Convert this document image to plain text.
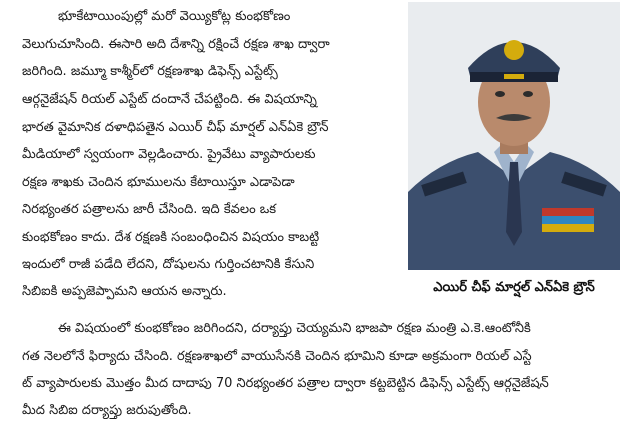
భూకేటాయింపుల్లో మరో వెయ్యికోట్ల కుంభకోణం
వెలుగుచూసింది. ఈసారి అది దేశాన్ని రక్షించే రక్షణ శాఖ ద్వారా
జరిగింది. జమ్మూ కాశ్మీర్‌లో రక్షణశాఖ డిఫెన్స్ ఎస్టేట్స్
ఆర్గనైజేషన్ రియల్ ఎస్టేట్ దందానే చేపట్టింది. ఈ విషయాన్ని
భారత వైమానిక దళాధిపతైన ఎయిర్ చీఫ్ మార్షల్ ఎన్ఏకె బ్రౌన్
మీడియాలో స్వయంగా వెల్లడించారు. ప్రైవేటు వ్యాపారులకు
రక్షణ శాఖకు చెందిన భూములను కేటాయిస్తూ ఎడాపెడా
నిరభ్యంతర పత్రాలను జారీ చేసింది. ఇది కేవలం ఒక
కుంభకోణం కాదు. దేశ రక్షణకి సంబంధించిన విషయం కాబట్టి
ఇందులో రాజీ పడేది లేదని, దోషులను గుర్తించటానికి కేసుని
సిబిఐకి అప్పజెప్పామని ఆయన అన్నారు.	ఎయిర్ చీఫ్ మార్షల్ ఎన్ఏకె బ్రౌన్
ఈ విషయంలో కుంభకోణం జరిగిందని, దర్యాప్తు చెయ్యమని భాజపా రక్షణ మంత్రి ఎ.కె.ఆంటోనీకి
గత నెలలోనే ఫిర్యాదు చేసింది. రక్షణశాఖలో వాయుసేనకి చెందిన భూమిని కూడా అక్రమంగా రియల్ ఎస్టే
ట్ వ్యాపారులకు మొత్తం మీద దాదాపు 70 నిరభ్యంతర పత్రాల ద్వారా కట్టబెట్టిన డిఫెన్స్ ఎస్టేట్స్ ఆర్గనైజేషన్
మీద సిబిఐ దర్యాప్తు జరుపుతోంది.
